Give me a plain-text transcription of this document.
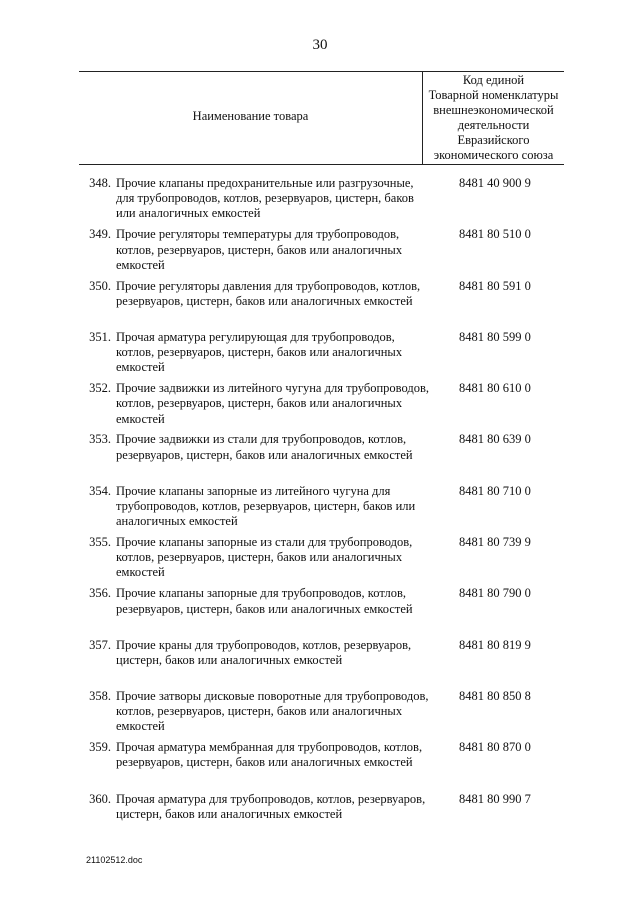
30
Наименование товара
Код единой
Товарной номенклатуры
внешнеэкономической
деятельности
Евразийского
экономического союза
348. Прочие клапаны предохранительные или разгрузочные, для трубопроводов, котлов, резервуаров, цистерн, баков или аналогичных емкостей
8481 40 900 9
349. Прочие регуляторы температуры для трубопроводов, котлов, резервуаров, цистерн, баков или аналогичных емкостей
8481 80 510 0
350. Прочие регуляторы давления для трубопроводов, котлов, резервуаров, цистерн, баков или аналогичных емкостей
8481 80 591 0
351. Прочая арматура регулирующая для трубопроводов, котлов, резервуаров, цистерн, баков или аналогичных емкостей
8481 80 599 0
352. Прочие задвижки из литейного чугуна для трубопроводов, котлов, резервуаров, цистерн, баков или аналогичных емкостей
8481 80 610 0
353. Прочие задвижки из стали для трубопроводов, котлов, резервуаров, цистерн, баков или аналогичных емкостей
8481 80 639 0
354. Прочие клапаны запорные из литейного чугуна для трубопроводов, котлов, резервуаров, цистерн, баков или аналогичных емкостей
8481 80 710 0
355. Прочие клапаны запорные из стали для трубопроводов, котлов, резервуаров, цистерн, баков или аналогичных емкостей
8481 80 739 9
356. Прочие клапаны запорные для трубопроводов, котлов, резервуаров, цистерн, баков или аналогичных емкостей
8481 80 790 0
357. Прочие краны для трубопроводов, котлов, резервуаров, цистерн, баков или аналогичных емкостей
8481 80 819 9
358. Прочие затворы дисковые поворотные для трубопроводов, котлов, резервуаров, цистерн, баков или аналогичных емкостей
8481 80 850 8
359. Прочая арматура мембранная для трубопроводов, котлов, резервуаров, цистерн, баков или аналогичных емкостей
8481 80 870 0
360. Прочая арматура для трубопроводов, котлов, резервуаров, цистерн, баков или аналогичных емкостей
8481 80 990 7
21102512.doc
